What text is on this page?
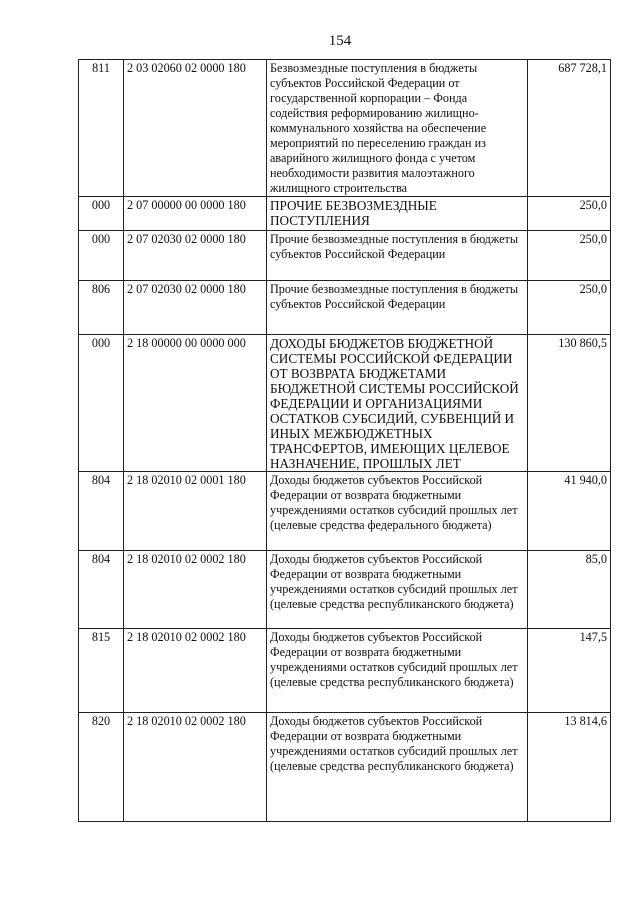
154
811	2 03 02060 02 0000 180	Безвозмездные поступления в бюджеты субъектов Российской Федерации от государственной корпорации – Фонда содействия реформированию жилищно-коммунального хозяйства на обеспечение мероприятий по переселению граждан из аварийного жилищного фонда с учетом необходимости развития малоэтажного жилищного строительства	687 728,1
000	2 07 00000 00 0000 180	ПРОЧИЕ БЕЗВОЗМЕЗДНЫЕ ПОСТУПЛЕНИЯ	250,0
000	2 07 02030 02 0000 180	Прочие безвозмездные поступления в бюджеты субъектов Российской Федерации	250,0
806	2 07 02030 02 0000 180	Прочие безвозмездные поступления в бюджеты субъектов Российской Федерации	250,0
000	2 18 00000 00 0000 000	ДОХОДЫ БЮДЖЕТОВ БЮДЖЕТНОЙ СИСТЕМЫ РОССИЙСКОЙ ФЕДЕРАЦИИ ОТ ВОЗВРАТА БЮДЖЕТАМИ БЮДЖЕТНОЙ СИСТЕМЫ РОССИЙСКОЙ ФЕДЕРАЦИИ И ОРГАНИЗАЦИЯМИ ОСТАТКОВ СУБСИДИЙ, СУБВЕНЦИЙ И ИНЫХ МЕЖБЮДЖЕТНЫХ ТРАНСФЕРТОВ, ИМЕЮЩИХ ЦЕЛЕВОЕ НАЗНАЧЕНИЕ, ПРОШЛЫХ ЛЕТ	130 860,5
804	2 18 02010 02 0001 180	Доходы бюджетов субъектов Российской Федерации от возврата бюджетными учреждениями остатков субсидий прошлых лет (целевые средства федерального бюджета)	41 940,0
804	2 18 02010 02 0002 180	Доходы бюджетов субъектов Российской Федерации от возврата бюджетными учреждениями остатков субсидий прошлых лет (целевые средства республиканского бюджета)	85,0
815	2 18 02010 02 0002 180	Доходы бюджетов субъектов Российской Федерации от возврата бюджетными учреждениями остатков субсидий прошлых лет (целевые средства республиканского бюджета)	147,5
820	2 18 02010 02 0002 180	Доходы бюджетов субъектов Российской Федерации от возврата бюджетными учреждениями остатков субсидий прошлых лет (целевые средства республиканского бюджета)	13 814,6
